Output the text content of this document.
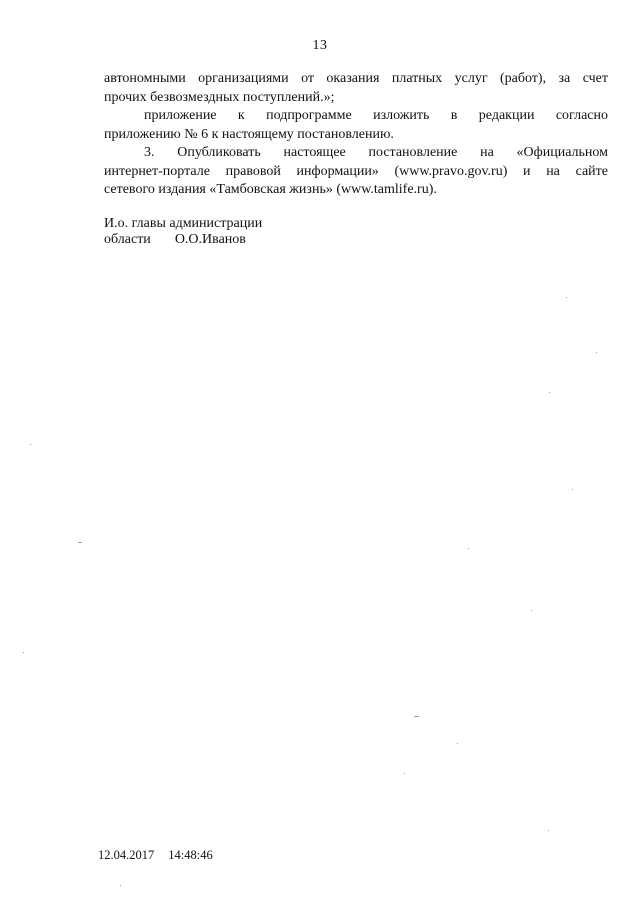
13
автономными организациями от оказания платных услуг (работ), за счет
прочих безвозмездных поступлений.»;
приложение к подпрограмме изложить в редакции согласно
приложению № 6 к настоящему постановлению.
3. Опубликовать настоящее постановление на «Официальном
интернет-портале правовой информации» (www.pravo.gov.ru) и на сайте
сетевого издания «Тамбовская жизнь» (www.tamlife.ru).
И.о. главы администрации
области О.О.Иванов
12.04.2017 14:48:46
